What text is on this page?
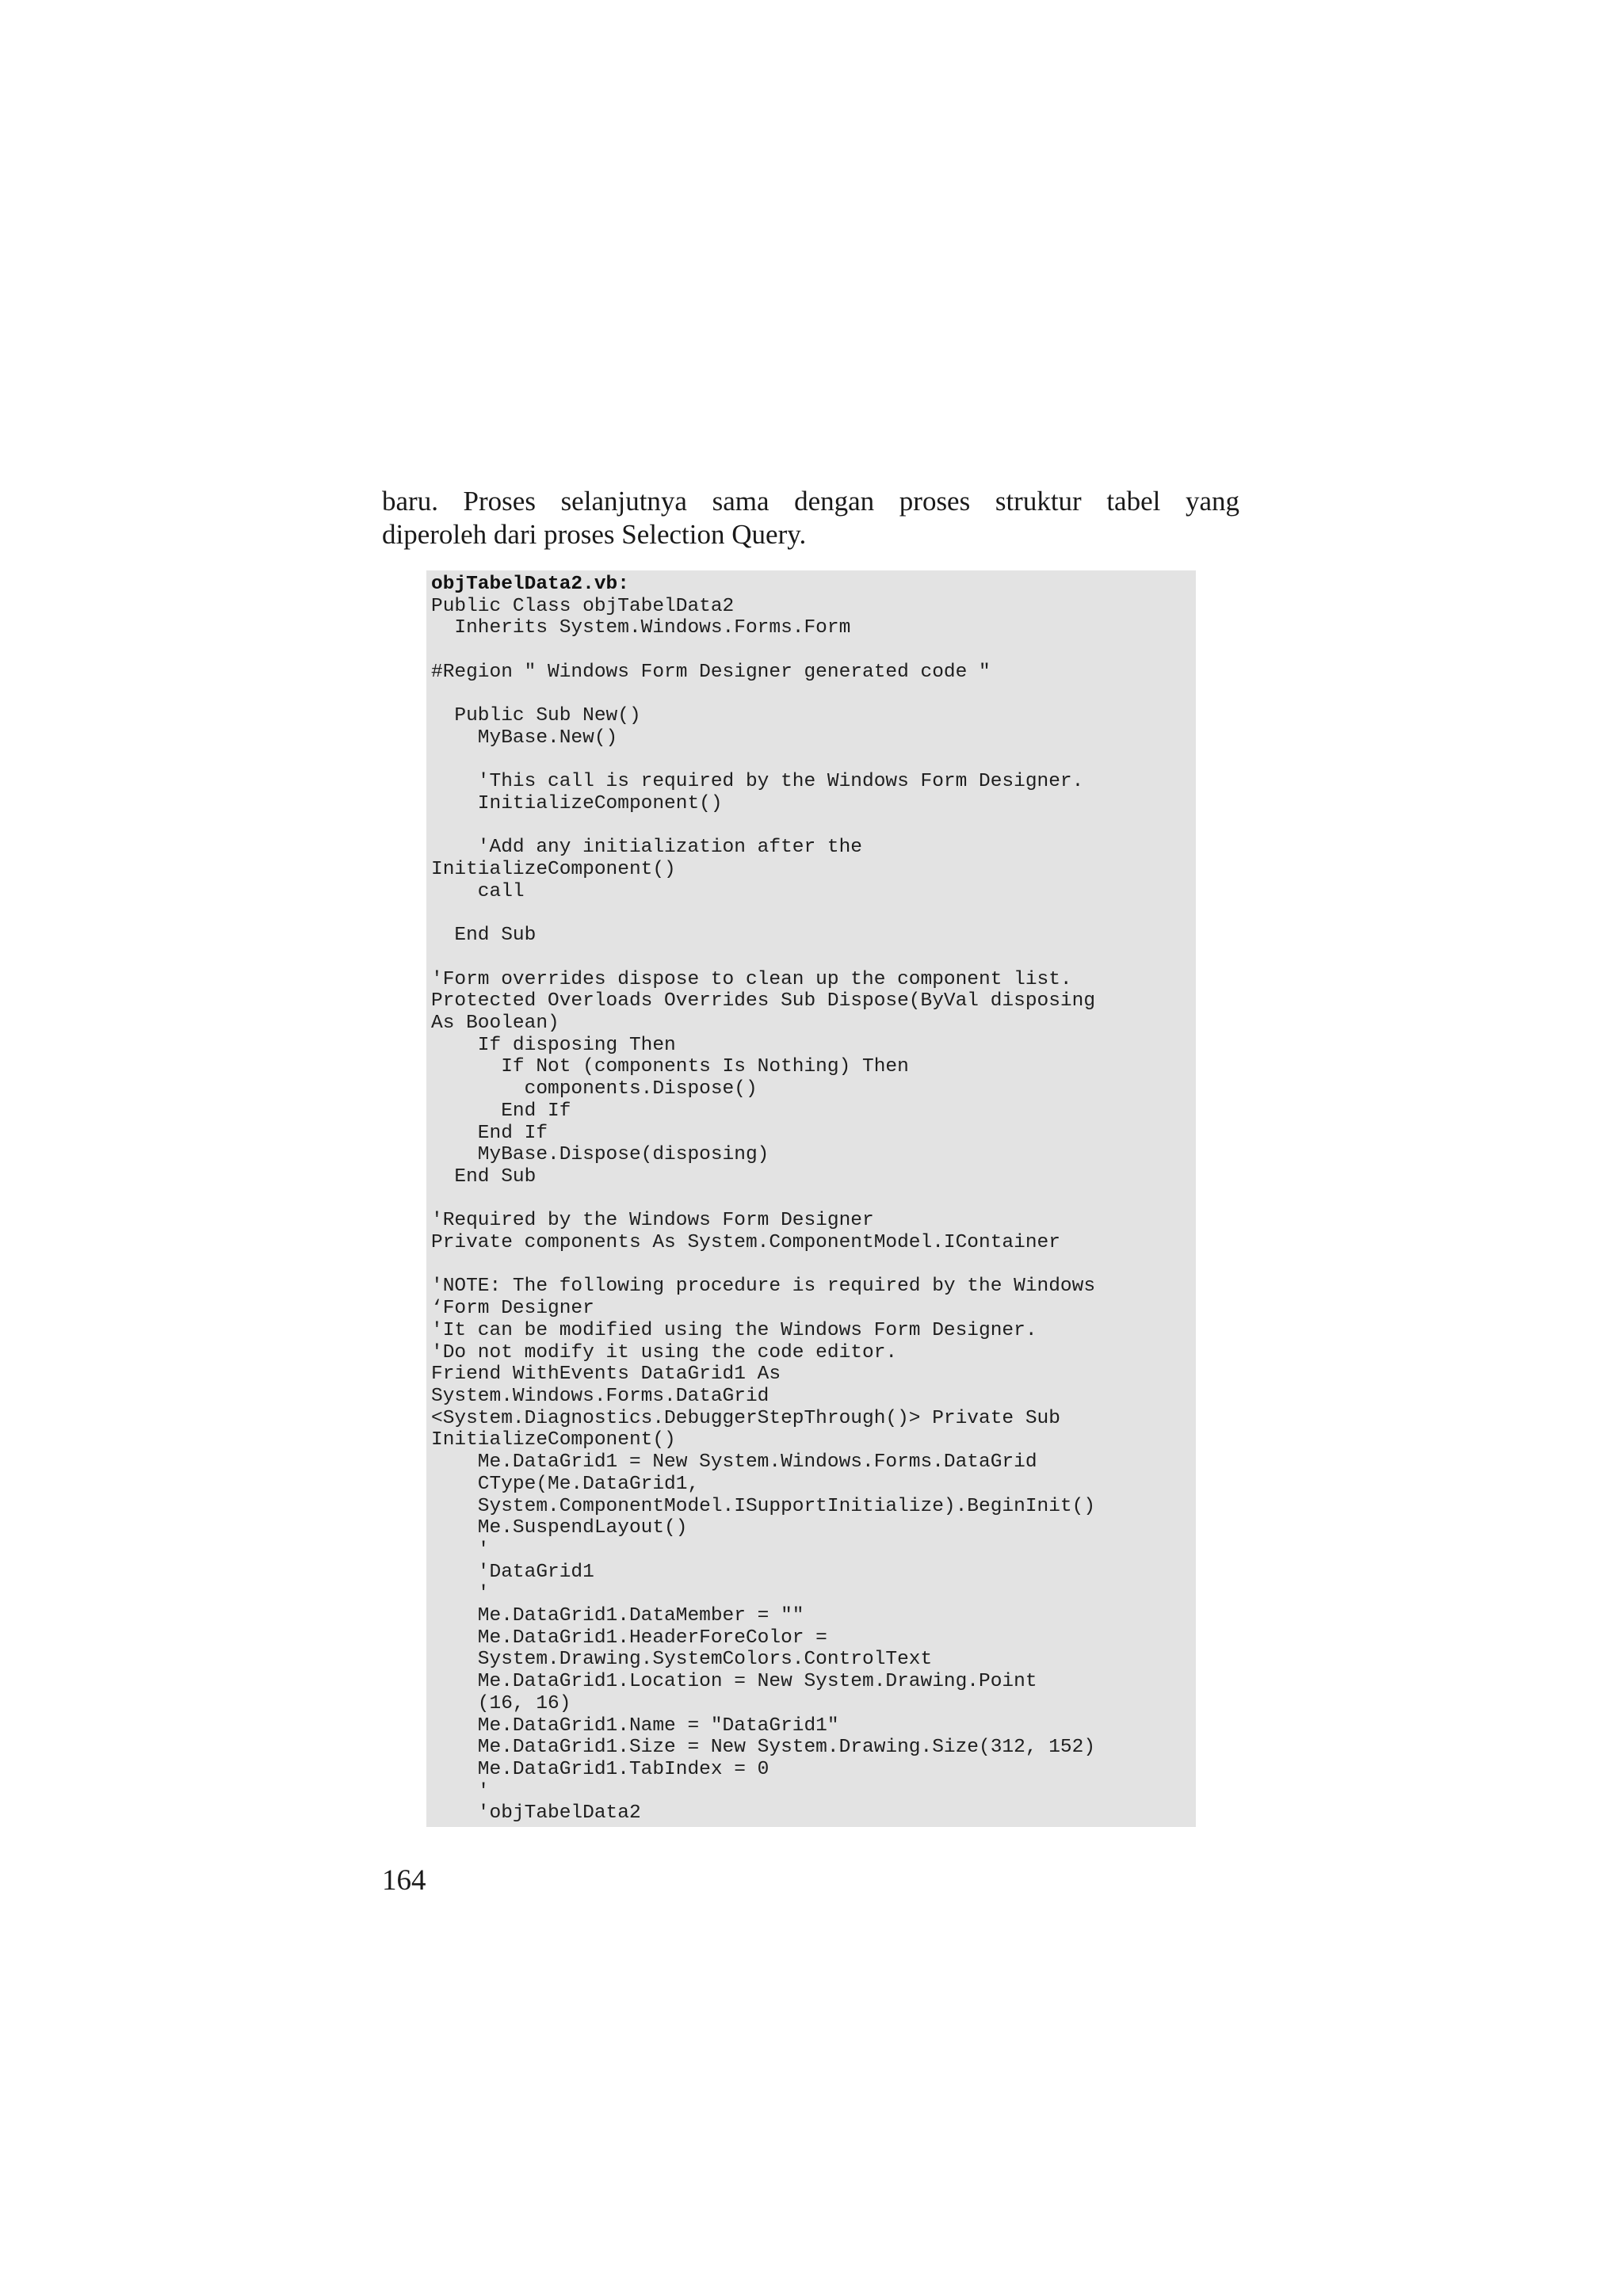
baru. Proses selanjutnya sama dengan proses struktur tabel yang
diperoleh dari proses Selection Query.
objTabelData2.vb:
Public Class objTabelData2
Inherits System.Windows.Forms.Form

#Region " Windows Form Designer generated code "

Public Sub New()
MyBase.New()

'This call is required by the Windows Form Designer.
InitializeComponent()

'Add any initialization after the
InitializeComponent()
call

End Sub

'Form overrides dispose to clean up the component list.
Protected Overloads Overrides Sub Dispose(ByVal disposing
As Boolean)
If disposing Then
If Not (components Is Nothing) Then
components.Dispose()
End If
End If
MyBase.Dispose(disposing)
End Sub

'Required by the Windows Form Designer
Private components As System.ComponentModel.IContainer

'NOTE: The following procedure is required by the Windows
‘Form Designer
'It can be modified using the Windows Form Designer.
'Do not modify it using the code editor.
Friend WithEvents DataGrid1 As
System.Windows.Forms.DataGrid
<System.Diagnostics.DebuggerStepThrough()> Private Sub
InitializeComponent()
Me.DataGrid1 = New System.Windows.Forms.DataGrid
CType(Me.DataGrid1,
System.ComponentModel.ISupportInitialize).BeginInit()
Me.SuspendLayout()
'
'DataGrid1
'
Me.DataGrid1.DataMember = ""
Me.DataGrid1.HeaderForeColor =
System.Drawing.SystemColors.ControlText
Me.DataGrid1.Location = New System.Drawing.Point
(16, 16)
Me.DataGrid1.Name = "DataGrid1"
Me.DataGrid1.Size = New System.Drawing.Size(312, 152)
Me.DataGrid1.TabIndex = 0
'
'objTabelData2
164
